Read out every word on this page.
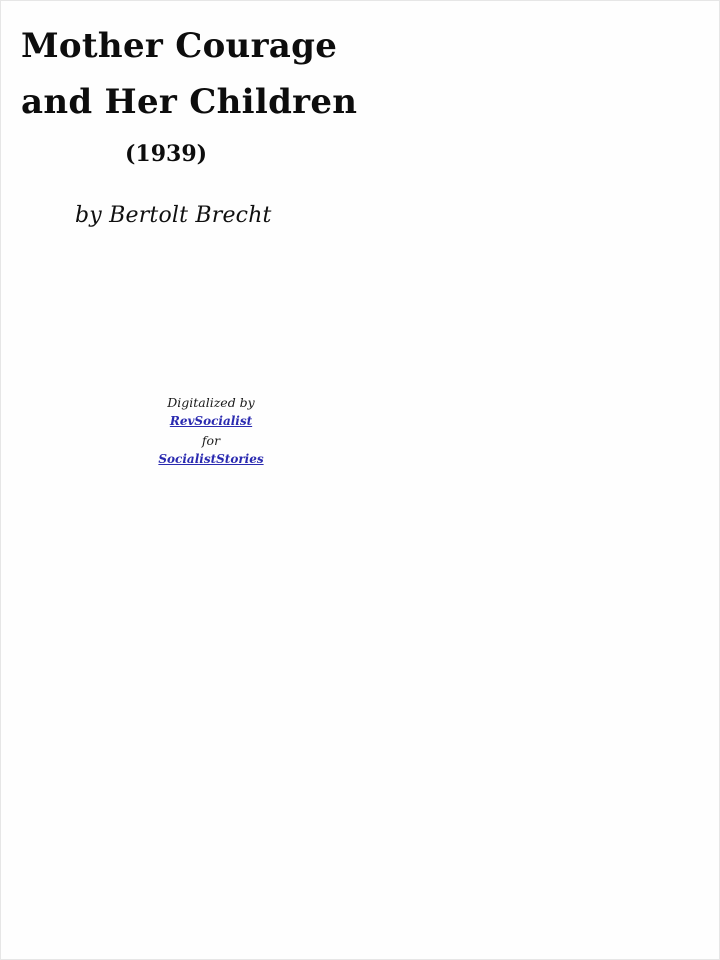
Mother Courage
and Her Children
(1939)
by Bertolt Brecht
Digitalized by
RevSocialist
for
SocialistStories
